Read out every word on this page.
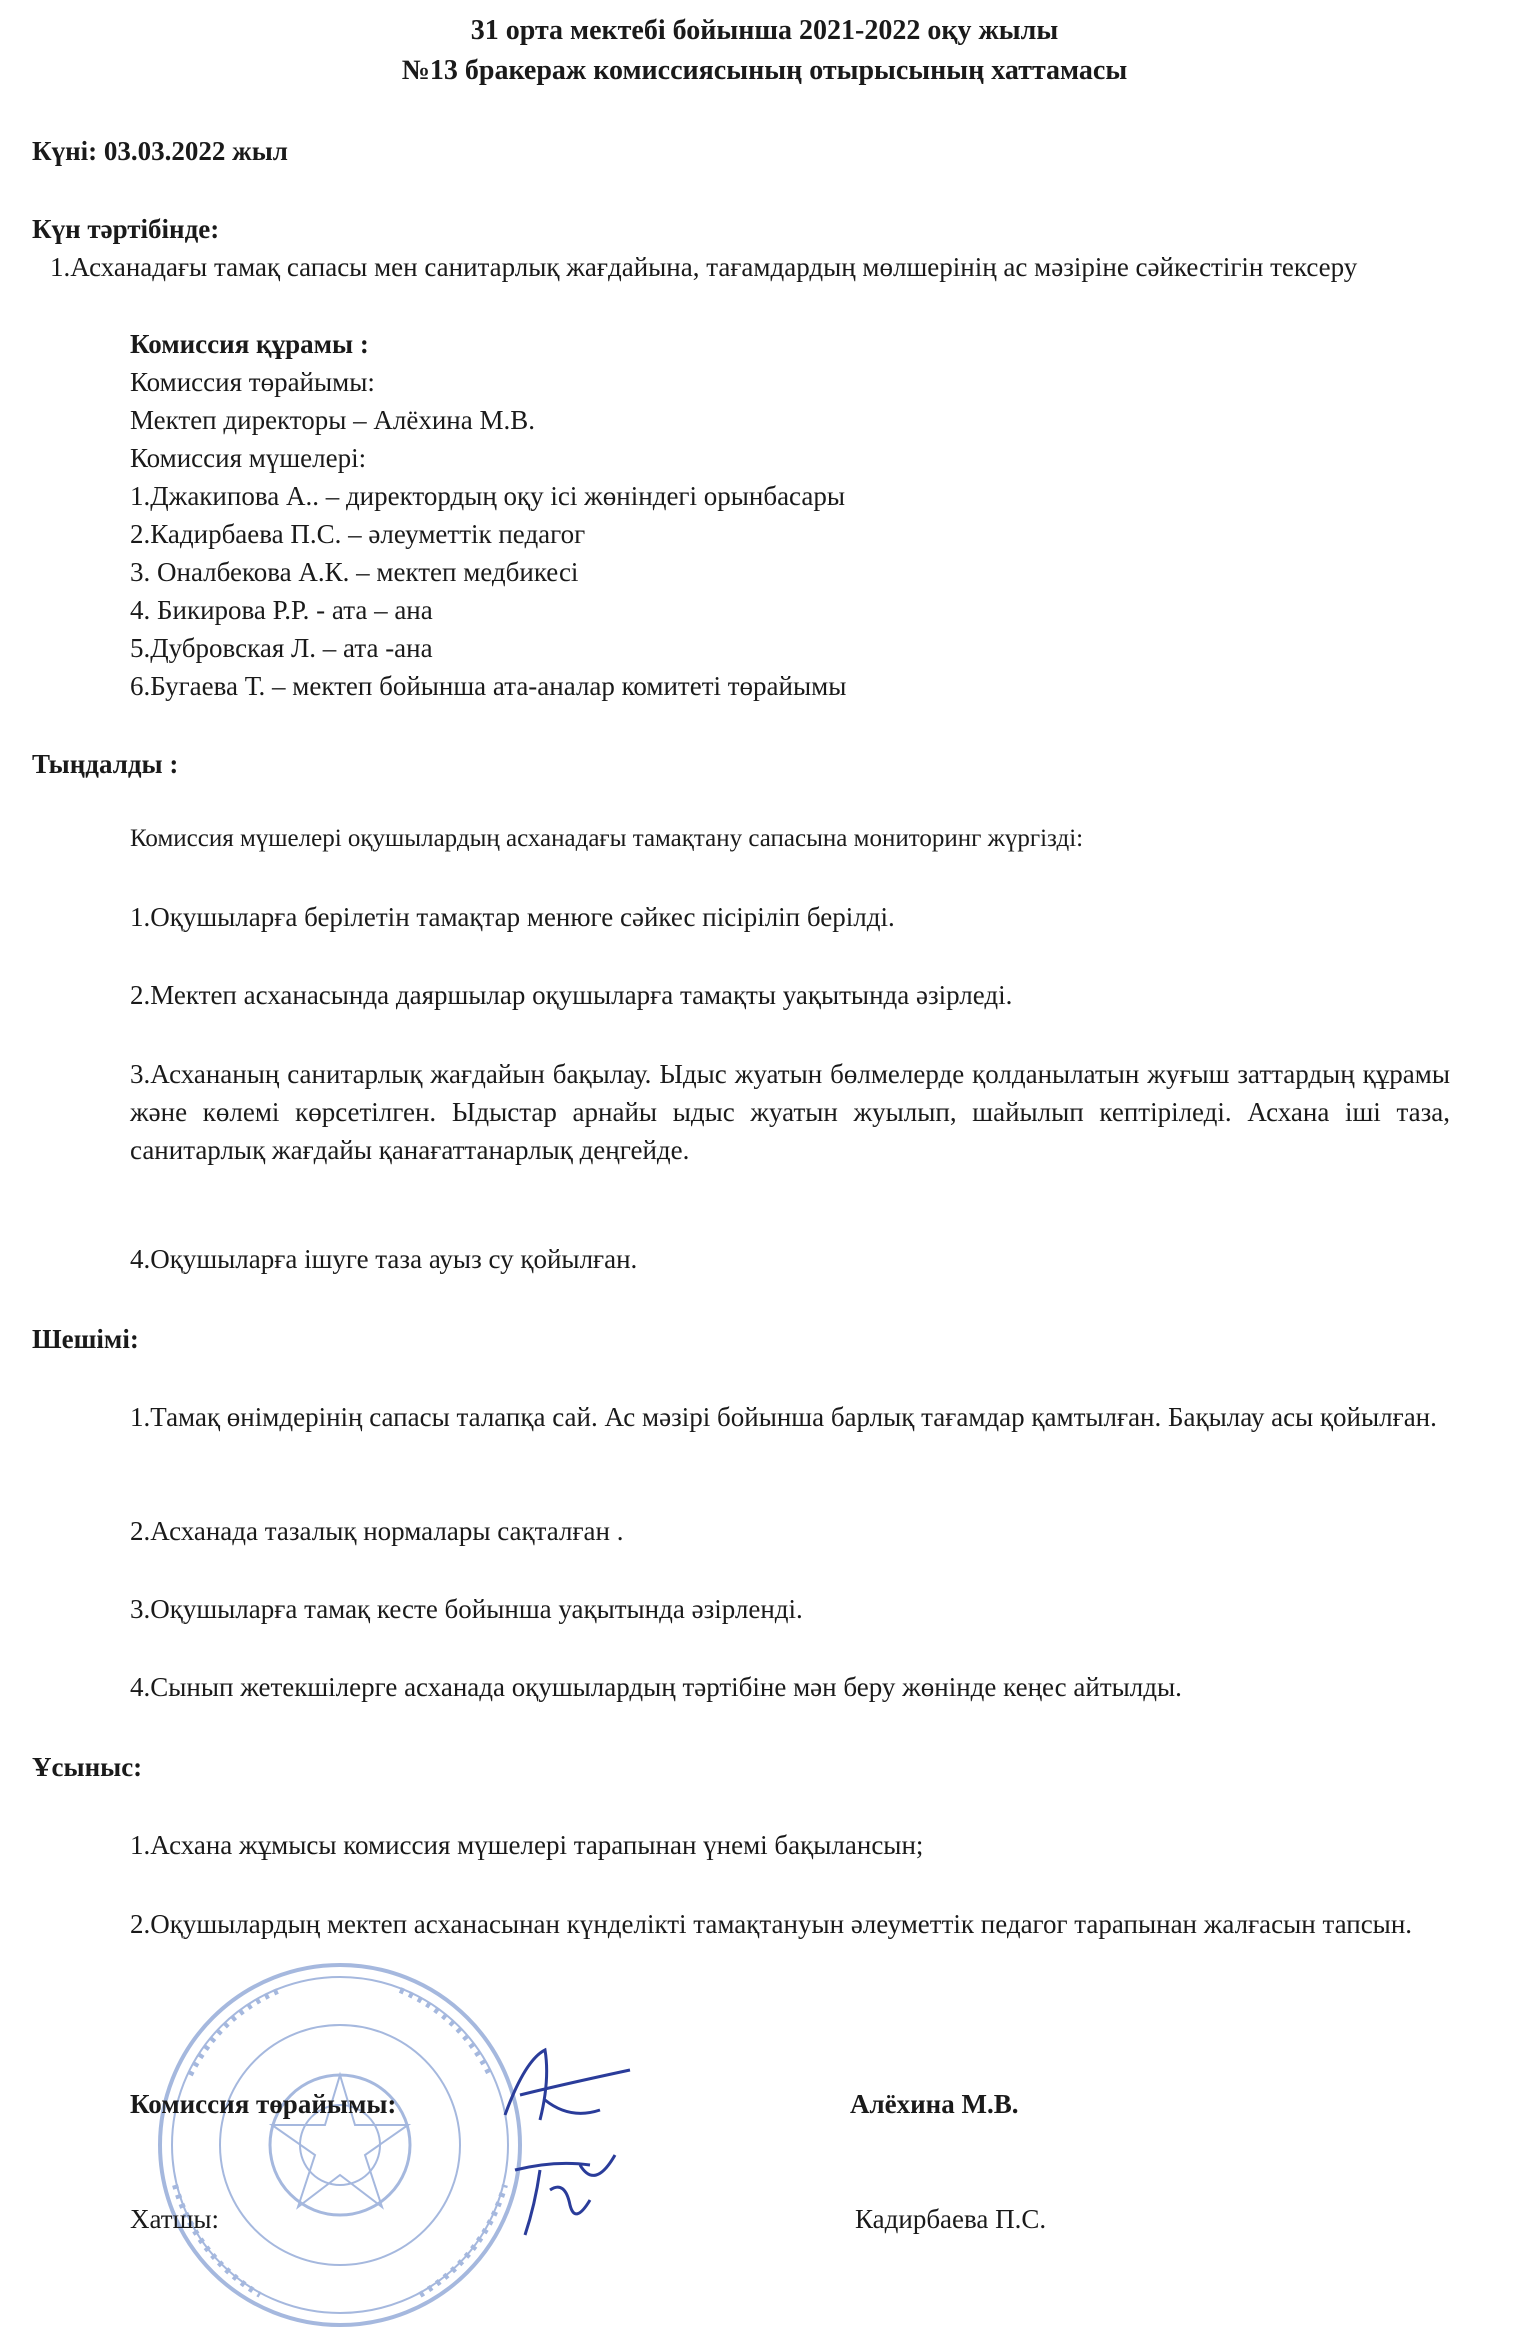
31 орта мектебі бойынша 2021-2022 оқу жылы

№13 бракераж комиссиясының отырысының хаттамасы

Күні: 03.03.2022 жыл

Күн тәртібінде:

1.Асханадағы тамақ сапасы мен санитарлық жағдайына, тағамдардың мөлшерінің ас мәзіріне сәйкестігін тексеру

Комиссия құрамы :

Комиссия төрайымы:

Мектеп директоры – Алёхина М.В.

Комиссия мүшелері:

1.Джакипова А.. – директордың оқу ісі жөніндегі орынбасары

2.Кадирбаева П.С. – әлеуметтік педагог

3. Оналбекова А.К. – мектеп медбикесі

4. Бикирова Р.Р. - ата – ана

5.Дубровская Л. – ата -ана

6.Бугаева Т. – мектеп бойынша ата-аналар комитеті төрайымы

Тыңдалды :

Комиссия мүшелері оқушылардың асханадағы тамақтану сапасына мониторинг жүргізді:

1.Оқушыларға берілетін тамақтар менюге сәйкес пісіріліп берілді.

2.Мектеп асханасында даяршылар оқушыларға тамақты уақытында әзірледі.

3.Асхананың санитарлық жағдайын бақылау. Ыдыс жуатын бөлмелерде қолданылатын жуғыш заттардың құрамы және көлемі көрсетілген. Ыдыстар арнайы ыдыс жуатын жуылып, шайылып кептіріледі. Асхана іші таза, санитарлық жағдайы қанағаттанарлық деңгейде.

4.Оқушыларға ішуге таза ауыз су қойылған.

Шешімі:

1.Тамақ өнімдерінің сапасы талапқа сай. Ас мәзірі бойынша барлық тағамдар қамтылған. Бақылау асы қойылған.

2.Асханада тазалық нормалары сақталған .

3.Оқушыларға тамақ кесте бойынша уақытында әзірленді.

4.Сынып жетекшілерге асханада оқушылардың тәртібіне мән беру жөнінде кеңес айтылды.

Ұсыныс:

1.Асхана жұмысы комиссия мүшелері тарапынан үнемі бақылансын;

2.Оқушылардың мектеп асханасынан күнделікті тамақтануын әлеуметтік педагог тарапынан жалғасын тапсын.

Комиссия төрайымы:	Алёхина М.В.

Хатшы:	Кадирбаева П.С.
